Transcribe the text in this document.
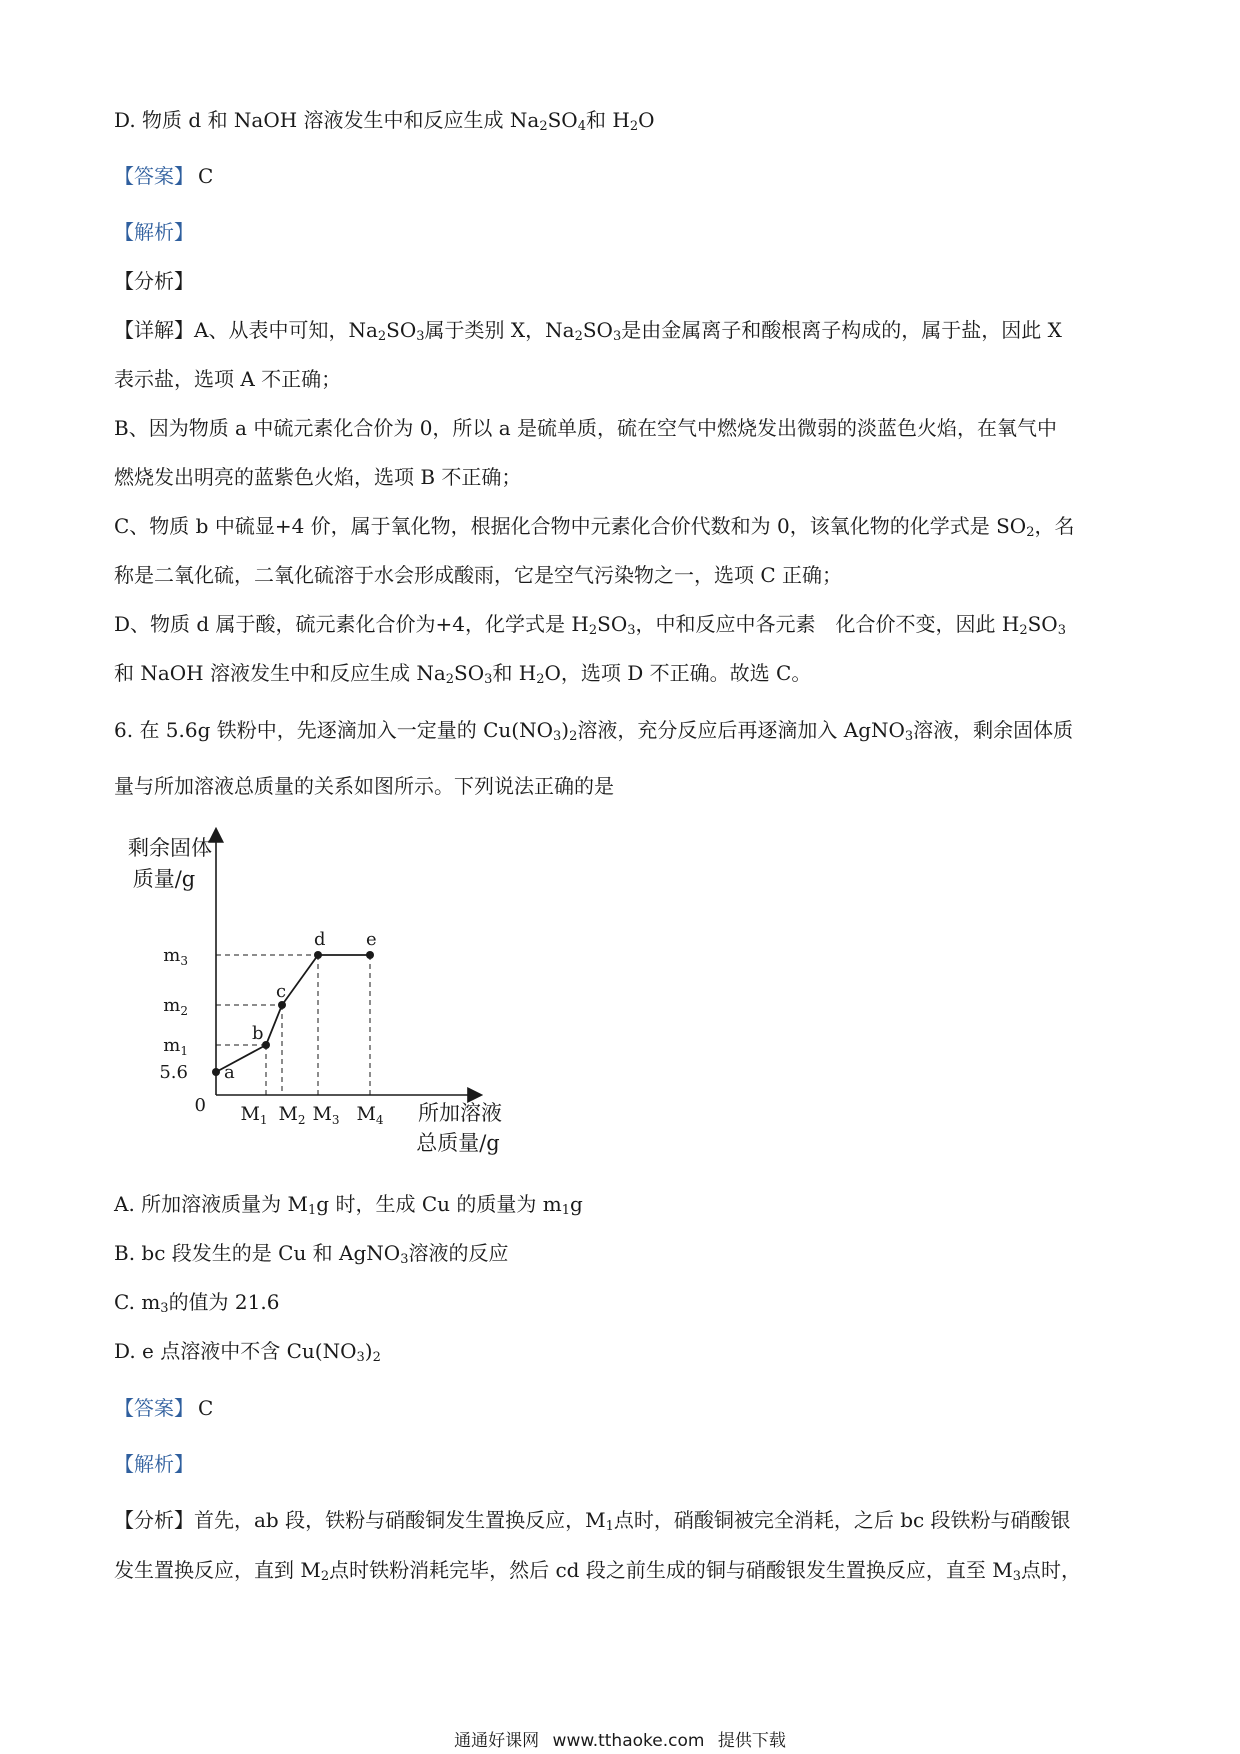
D. 物质 d 和 NaOH 溶液发生中和反应生成 $Na_2SO_4$和 $H_2O$
【答案】 C
【解析】
【分析】
【详解】A、从表中可知，$Na_2SO_3$属于类别 X，$Na_2SO_3$是由金属离子和酸根离子构成的，属于盐，因此 X
表示盐，选项 A 不正确；
B、因为物质 a 中硫元素化合价为 0，所以 a 是硫单质，硫在空气中燃烧发出微弱的淡蓝色火焰，在氧气中
燃烧发出明亮的蓝紫色火焰，选项 B 不正确；
C、物质 b 中硫显+4 价，属于氧化物，根据化合物中元素化合价代数和为 0，该氧化物的化学式是 $SO_2$，名
称是二氧化硫，二氧化硫溶于水会形成酸雨，它是空气污染物之一，选项 C 正确；
D、物质 d 属于酸，硫元素化合价为+4，化学式是 $H_2SO_3$，中和反应中各元素　化合价不变，因此 $H_2SO_3$
和 NaOH 溶液发生中和反应生成 $Na_2SO_3$和 $H_2O$，选项 D 不正确。故选 C。
6. 在 5.6g 铁粉中，先逐滴加入一定量的 $Cu(NO_3)_2$溶液，充分反应后再逐滴加入 AgNO$_3$溶液，剩余固体质
量与所加溶液总质量的关系如图所示。下列说法正确的是
剩余固体
质量/g
所加溶液
总质量/g
0
a
b
c
d e
5.6
$m_1$
$m_2$
$m_3$
$M_1$ $M_2$ $M_3$ $M_4$
A. 所加溶液质量为 $M_1g$ 时，生成 Cu 的质量为 $m_1g$
B. bc 段发生的是 Cu 和 AgNO$_3$溶液的反应
C. $m_3$的值为 21.6
D. e 点溶液中不含 $Cu(NO_3)_2$
【答案】 C
【解析】
【分析】首先，ab 段，铁粉与硝酸铜发生置换反应，$M_1$点时，硝酸铜被完全消耗，之后 bc 段铁粉与硝酸银
发生置换反应，直到 $M_2$点时铁粉消耗完毕，然后 cd 段之前生成的铜与硝酸银发生置换反应，直至 $M_3$点时，
通通好课网 www.tthaoke.com 提供下载
